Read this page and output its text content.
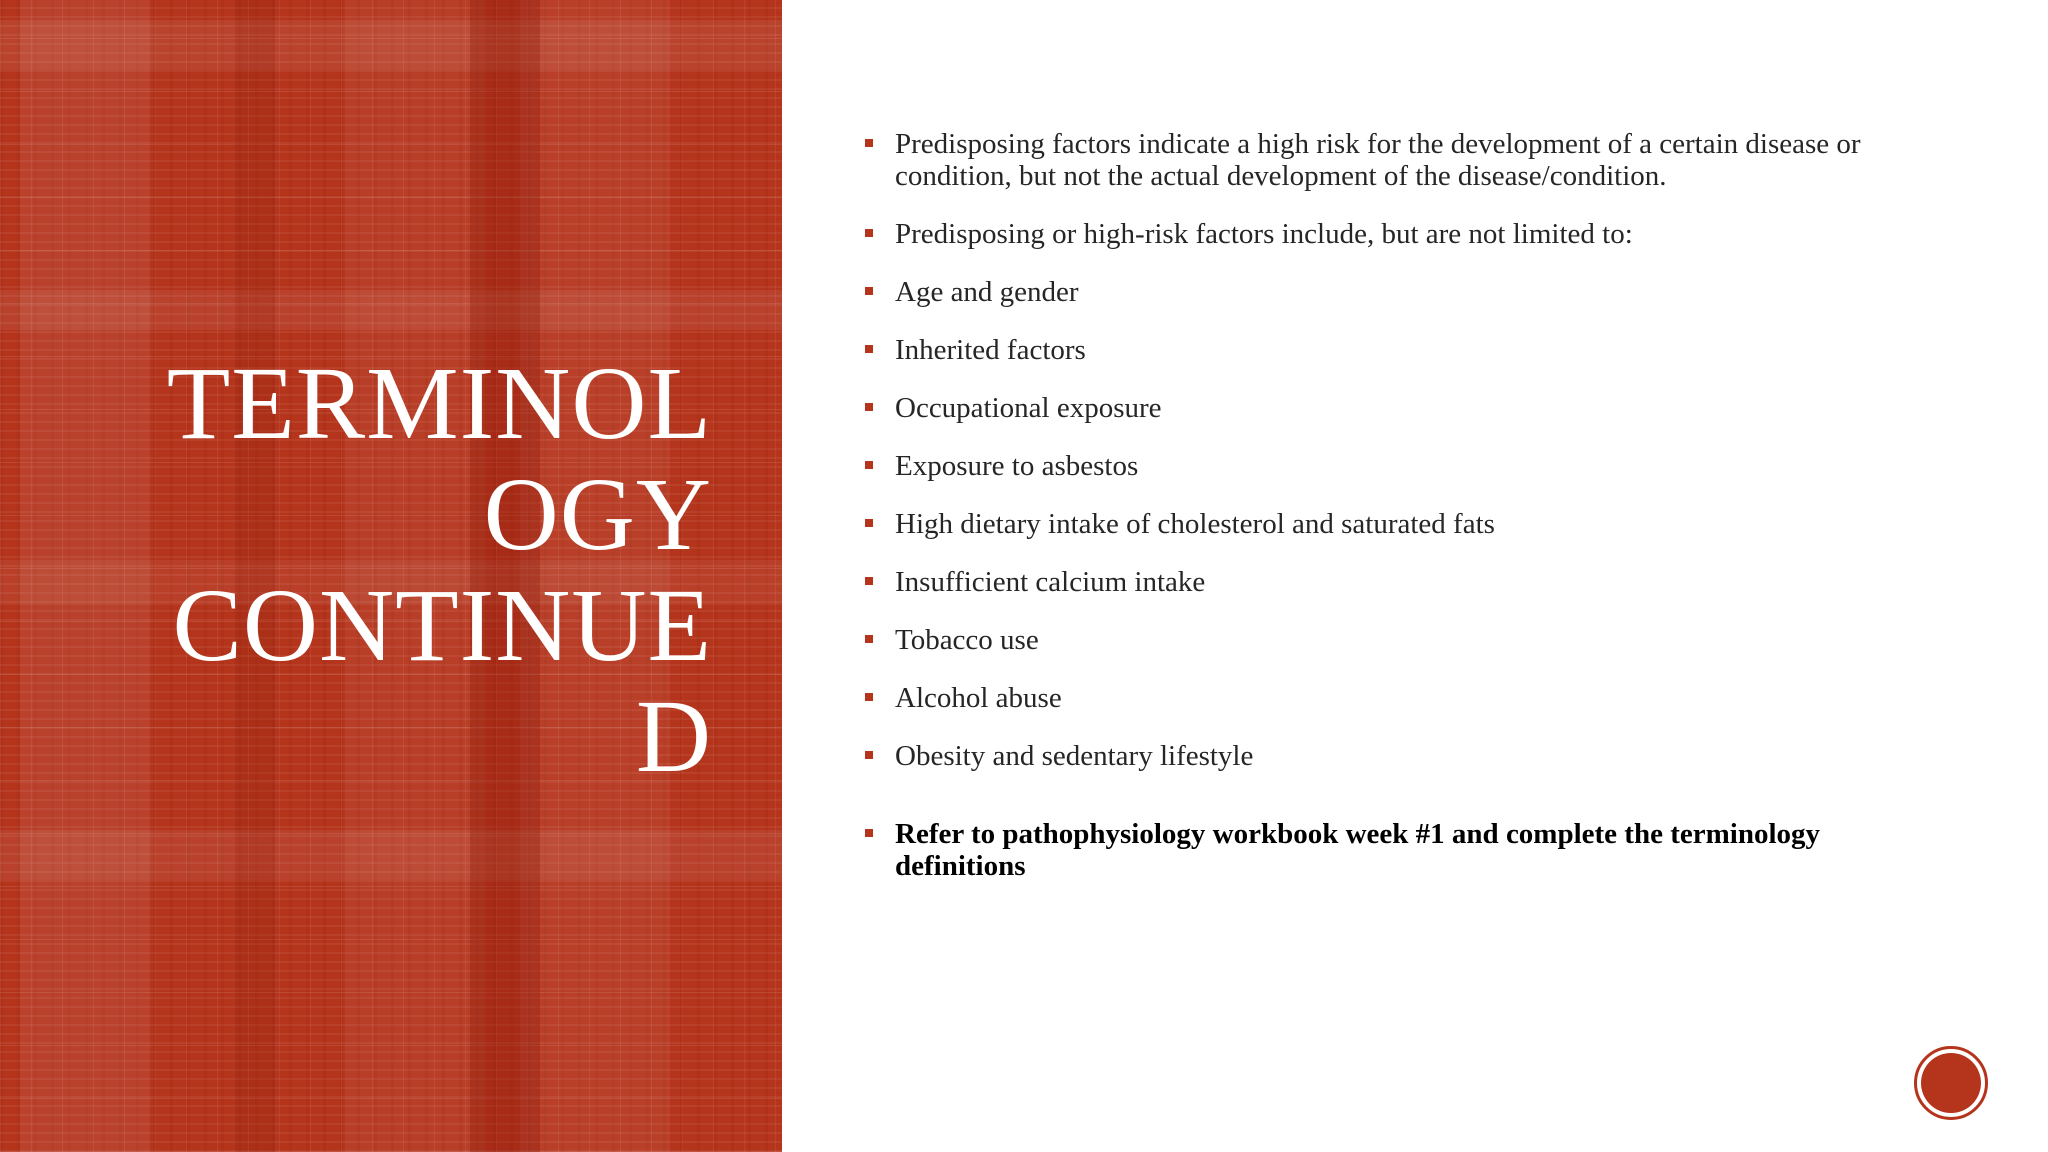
TERMINOL
OGY
CONTINUE
D
Predisposing factors indicate a high risk for the development of a certain disease or condition, but not the actual development of the disease/condition.
Predisposing or high-risk factors include, but are not limited to:
Age and gender
Inherited factors
Occupational exposure
Exposure to asbestos
High dietary intake of cholesterol and saturated fats
Insufficient calcium intake
Tobacco use
Alcohol abuse
Obesity and sedentary lifestyle
Refer to pathophysiology workbook week #1 and complete the terminology definitions
